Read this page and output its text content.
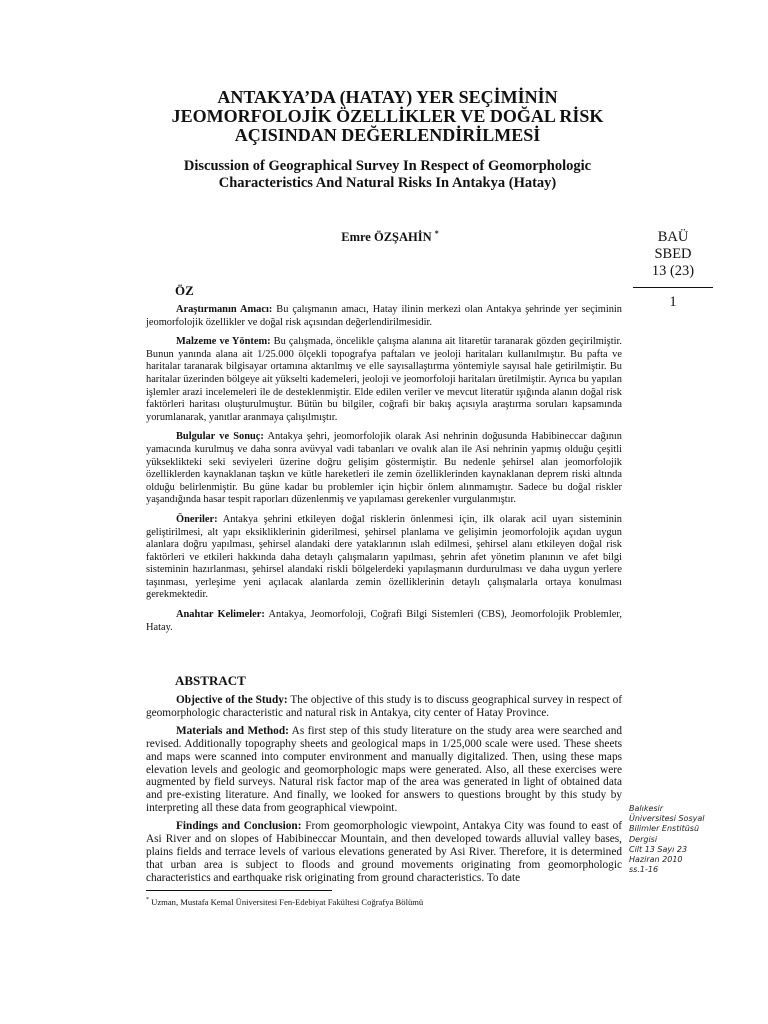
ANTAKYA’DA (HATAY) YER SEÇİMİNİN
JEOMORFOLOJİK ÖZELLİKLER VE DOĞAL RİSK
AÇISINDAN DEĞERLENDİRİLMESİ
Discussion of Geographical Survey In Respect of Geomorphologic
Characteristics And Natural Risks In Antakya (Hatay)
Emre ÖZŞAHİN *	BAÜ
SBED
13 (23)
1
ÖZ

Araştırmanın Amacı: Bu çalışmanın amacı, Hatay ilinin merkezi olan Antakya şehrinde yer seçiminin jeomorfolojik özellikler ve doğal risk açısından değerlendirilmesidir.

Malzeme ve Yöntem: Bu çalışmada, öncelikle çalışma alanına ait litaretür taranarak gözden geçirilmiştir. Bunun yanında alana ait 1/25.000 ölçekli topografya paftaları ve jeoloji haritaları kullanılmıştır. Bu pafta ve haritalar taranarak bilgisayar ortamına aktarılmış ve elle sayısallaştırma yöntemiyle sayısal hale getirilmiştir. Bu haritalar üzerinden bölgeye ait yükselti kademeleri, jeoloji ve jeomorfoloji haritaları üretilmiştir. Ayrıca bu yapılan işlemler arazi incelemeleri ile de desteklenmiştir. Elde edilen veriler ve mevcut literatür ışığında alanın doğal risk faktörleri haritası oluşturulmuştur. Bütün bu bilgiler, coğrafi bir bakış açısıyla araştırma soruları kapsamında yorumlanarak, yanıtlar aranmaya çalışılmıştır.

Bulgular ve Sonuç: Antakya şehri, jeomorfolojik olarak Asi nehrinin doğusunda Habibineccar dağının yamacında kurulmuş ve daha sonra avüvyal vadi tabanları ve ovalık alan ile Asi nehrinin yapmış olduğu çeşitli yükseklikteki seki seviyeleri üzerine doğru gelişim göstermiştir. Bu nedenle şehirsel alan jeomorfolojik özelliklerden kaynaklanan taşkın ve kütle hareketleri ile zemin özelliklerinden kaynaklanan deprem riski altında olduğu belirlenmiştir. Bu güne kadar bu problemler için hiçbir önlem alınmamıştır. Sadece bu doğal riskler yaşandığında hasar tespit raporları düzenlenmiş ve yapılaması gerekenler vurgulanmıştır.

Öneriler: Antakya şehrini etkileyen doğal risklerin önlenmesi için, ilk olarak acil uyarı sisteminin geliştirilmesi, alt yapı eksikliklerinin giderilmesi, şehirsel planlama ve gelişimin jeomorfolojik açıdan uygun alanlara doğru yapılması, şehirsel alandaki dere yataklarının ıslah edilmesi, şehirsel alanı etkileyen doğal risk faktörleri ve etkileri hakkında daha detaylı çalışmaların yapılması, şehrin afet yönetim planının ve afet bilgi sisteminin hazırlanması, şehirsel alandaki riskli bölgelerdeki yapılaşmanın durdurulması ve daha uygun yerlere taşınması, yerleşime yeni açılacak alanlarda zemin özelliklerinin detaylı çalışmalarla ortaya konulması gerekmektedir.

Anahtar Kelimeler: Antakya, Jeomorfoloji, Coğrafi Bilgi Sistemleri (CBS), Jeomorfolojik Problemler, Hatay.

ABSTRACT

Objective of the Study: The objective of this study is to discuss geographical survey in respect of geomorphologic characteristic and natural risk in Antakya, city center of Hatay Province.

Materials and Method: As first step of this study literature on the study area were searched and revised. Additionally topography sheets and geological maps in 1/25,000 scale were used. These sheets and maps were scanned into computer environment and manually digitalized. Then, using these maps elevation levels and geologic and geomorphologic maps were generated. Also, all these exercises were augmented by field surveys. Natural risk factor map of the area was generated in light of obtained data and pre-existing literature. And finally, we looked for answers to questions brought by this study by interpreting all these data from geographical viewpoint.

Findings and Conclusion: From geomorphologic viewpoint, Antakya City was found to east of Asi River and on slopes of Habibineccar Mountain, and then developed towards alluvial valley bases, plains fields and terrace levels of various elevations generated by Asi River. Therefore, it is determined that urban area is subject to floods and ground movements originating from geomorphologic characteristics and earthquake risk originating from ground characteristics. To date

Balıkesir
Üniversitesi Sosyal
Bilimler Enstitüsü
Dergisi
Cilt 13 Sayı 23
Haziran 2010
ss.1-16
* Uzman, Mustafa Kemal Üniversitesi Fen-Edebiyat Fakültesi Coğrafya Bölümü
